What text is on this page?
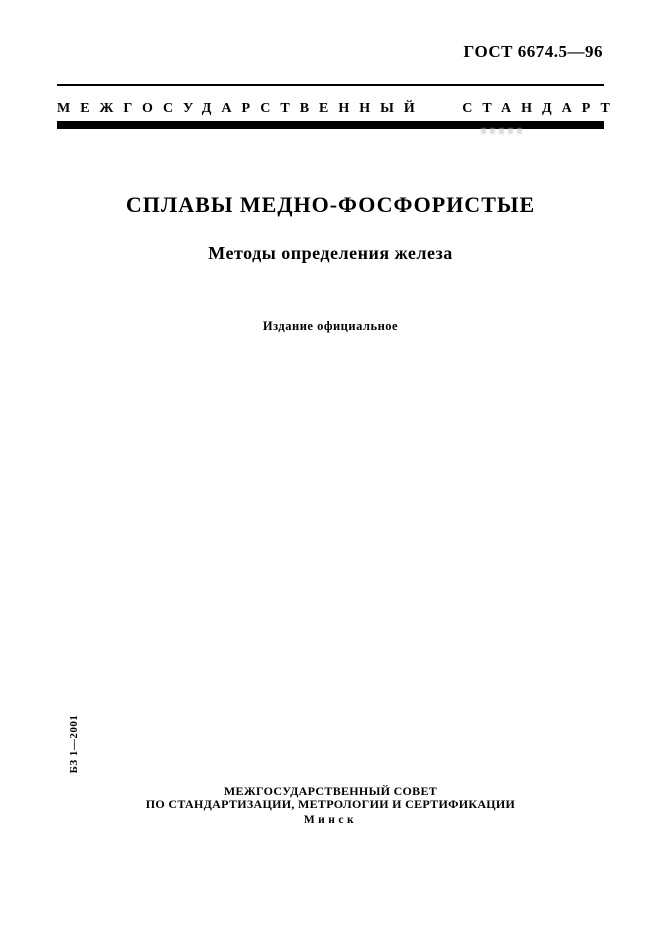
ГОСТ 6674.5—96
МЕЖГОСУДАРСТВЕННЫЙ СТАНДАРТ
СПЛАВЫ МЕДНО-ФОСФОРИСТЫЕ
Методы определения железа
Издание официальное
БЗ 1—2001
МЕЖГОСУДАРСТВЕННЫЙ СОВЕТ
ПО СТАНДАРТИЗАЦИИ, МЕТРОЛОГИИ И СЕРТИФИКАЦИИ
Минск
